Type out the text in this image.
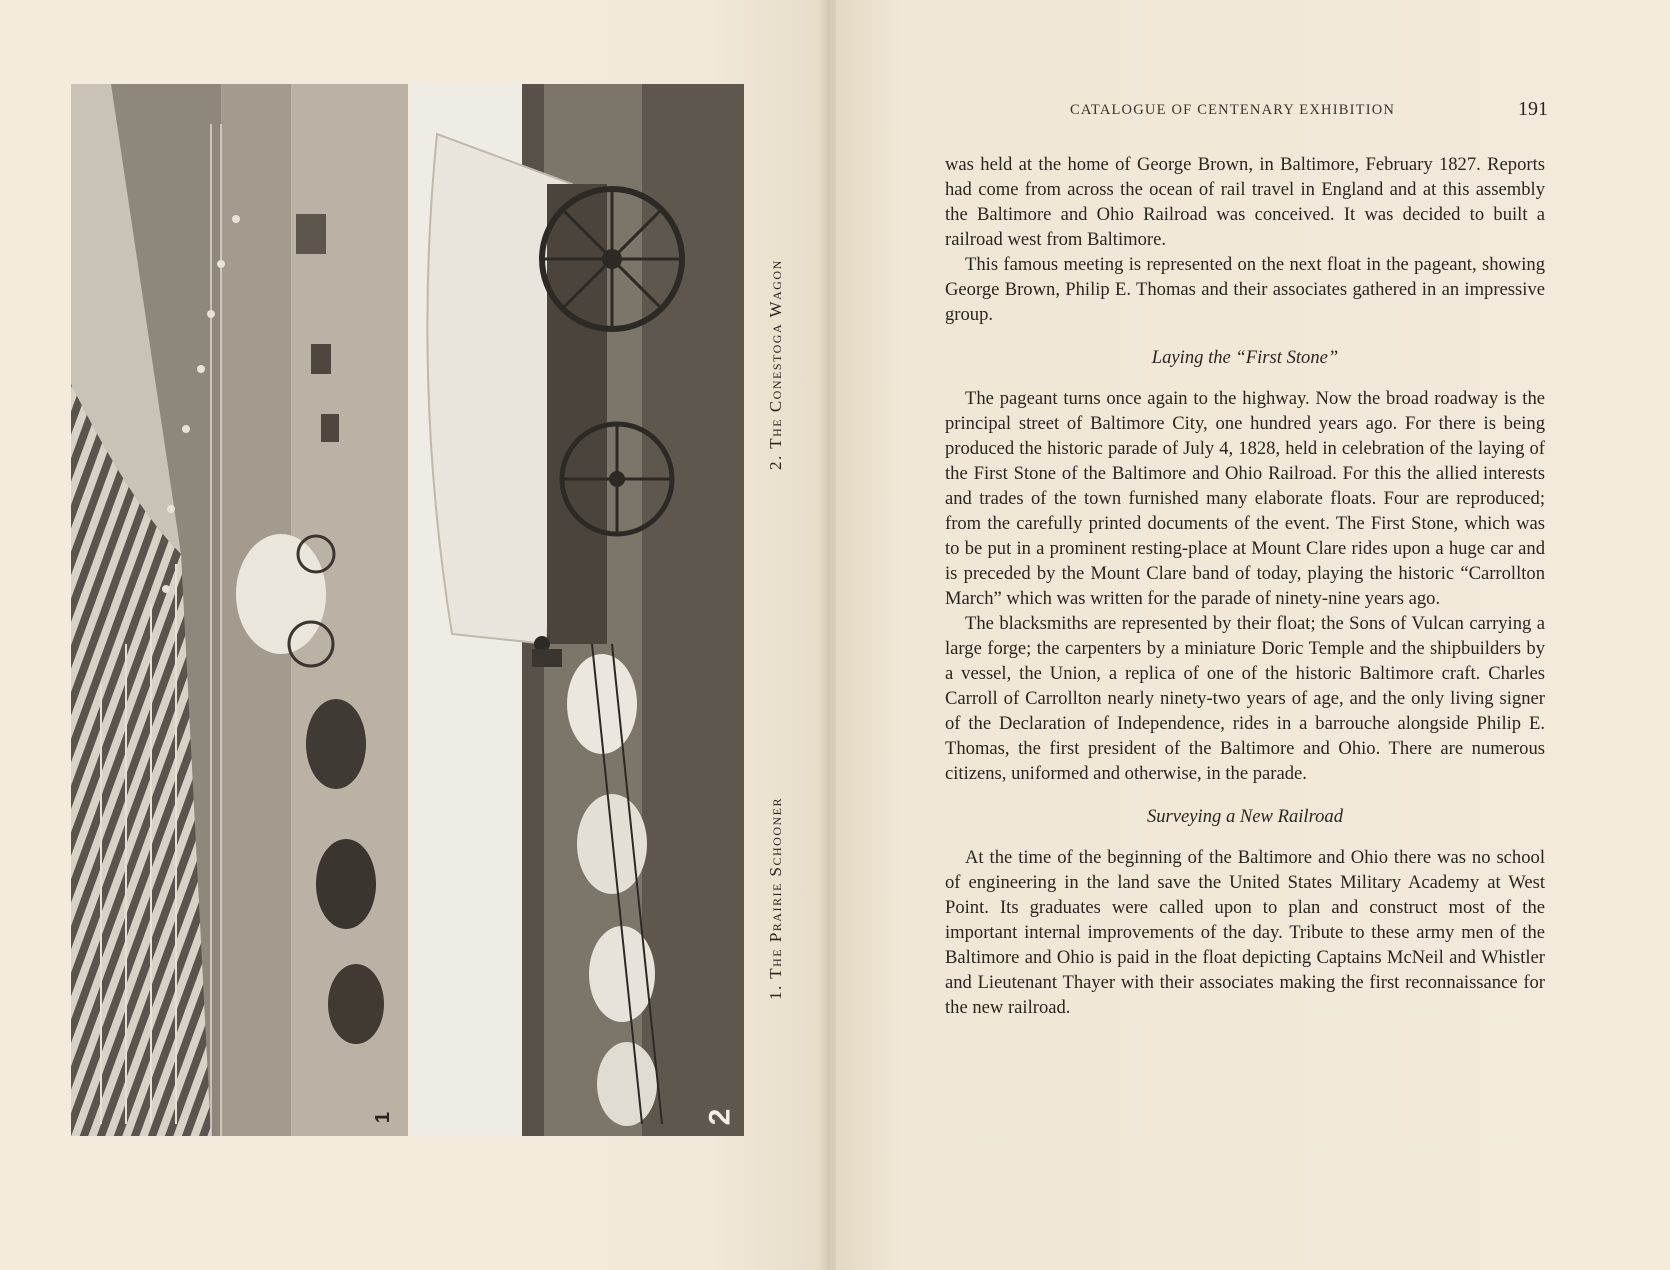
1	2
1. The Prairie Schooner2. The Conestoga Wagon
CATALOGUE OF CENTENARY EXHIBITION	191

was held at the home of George Brown, in Baltimore, February 1827. Reports had come from across the ocean of rail travel in England and at this assembly the Baltimore and Ohio Railroad was conceived. It was decided to built a railroad west from Baltimore.

This famous meeting is represented on the next float in the pageant, showing George Brown, Philip E. Thomas and their associates gathered in an impressive group.

Laying the “First Stone”

The pageant turns once again to the highway. Now the broad roadway is the principal street of Baltimore City, one hundred years ago. For there is being produced the historic parade of July 4, 1828, held in celebration of the laying of the First Stone of the Baltimore and Ohio Railroad. For this the allied interests and trades of the town furnished many elaborate floats. Four are reproduced; from the carefully printed documents of the event. The First Stone, which was to be put in a prominent resting-place at Mount Clare rides upon a huge car and is preceded by the Mount Clare band of today, playing the historic “Carrollton March” which was written for the parade of ninety-nine years ago.

The blacksmiths are represented by their float; the Sons of Vulcan carrying a large forge; the carpenters by a miniature Doric Temple and the shipbuilders by a vessel, the Union, a replica of one of the historic Baltimore craft. Charles Carroll of Carrollton nearly ninety-two years of age, and the only living signer of the Declaration of Independence, rides in a barrouche alongside Philip E. Thomas, the first president of the Baltimore and Ohio. There are numerous citizens, uniformed and otherwise, in the parade.

Surveying a New Railroad

At the time of the beginning of the Baltimore and Ohio there was no school of engineering in the land save the United States Military Academy at West Point. Its graduates were called upon to plan and construct most of the important internal improvements of the day. Tribute to these army men of the Baltimore and Ohio is paid in the float depicting Captains McNeil and Whistler and Lieutenant Thayer with their associates making the first reconnaissance for the new railroad.
